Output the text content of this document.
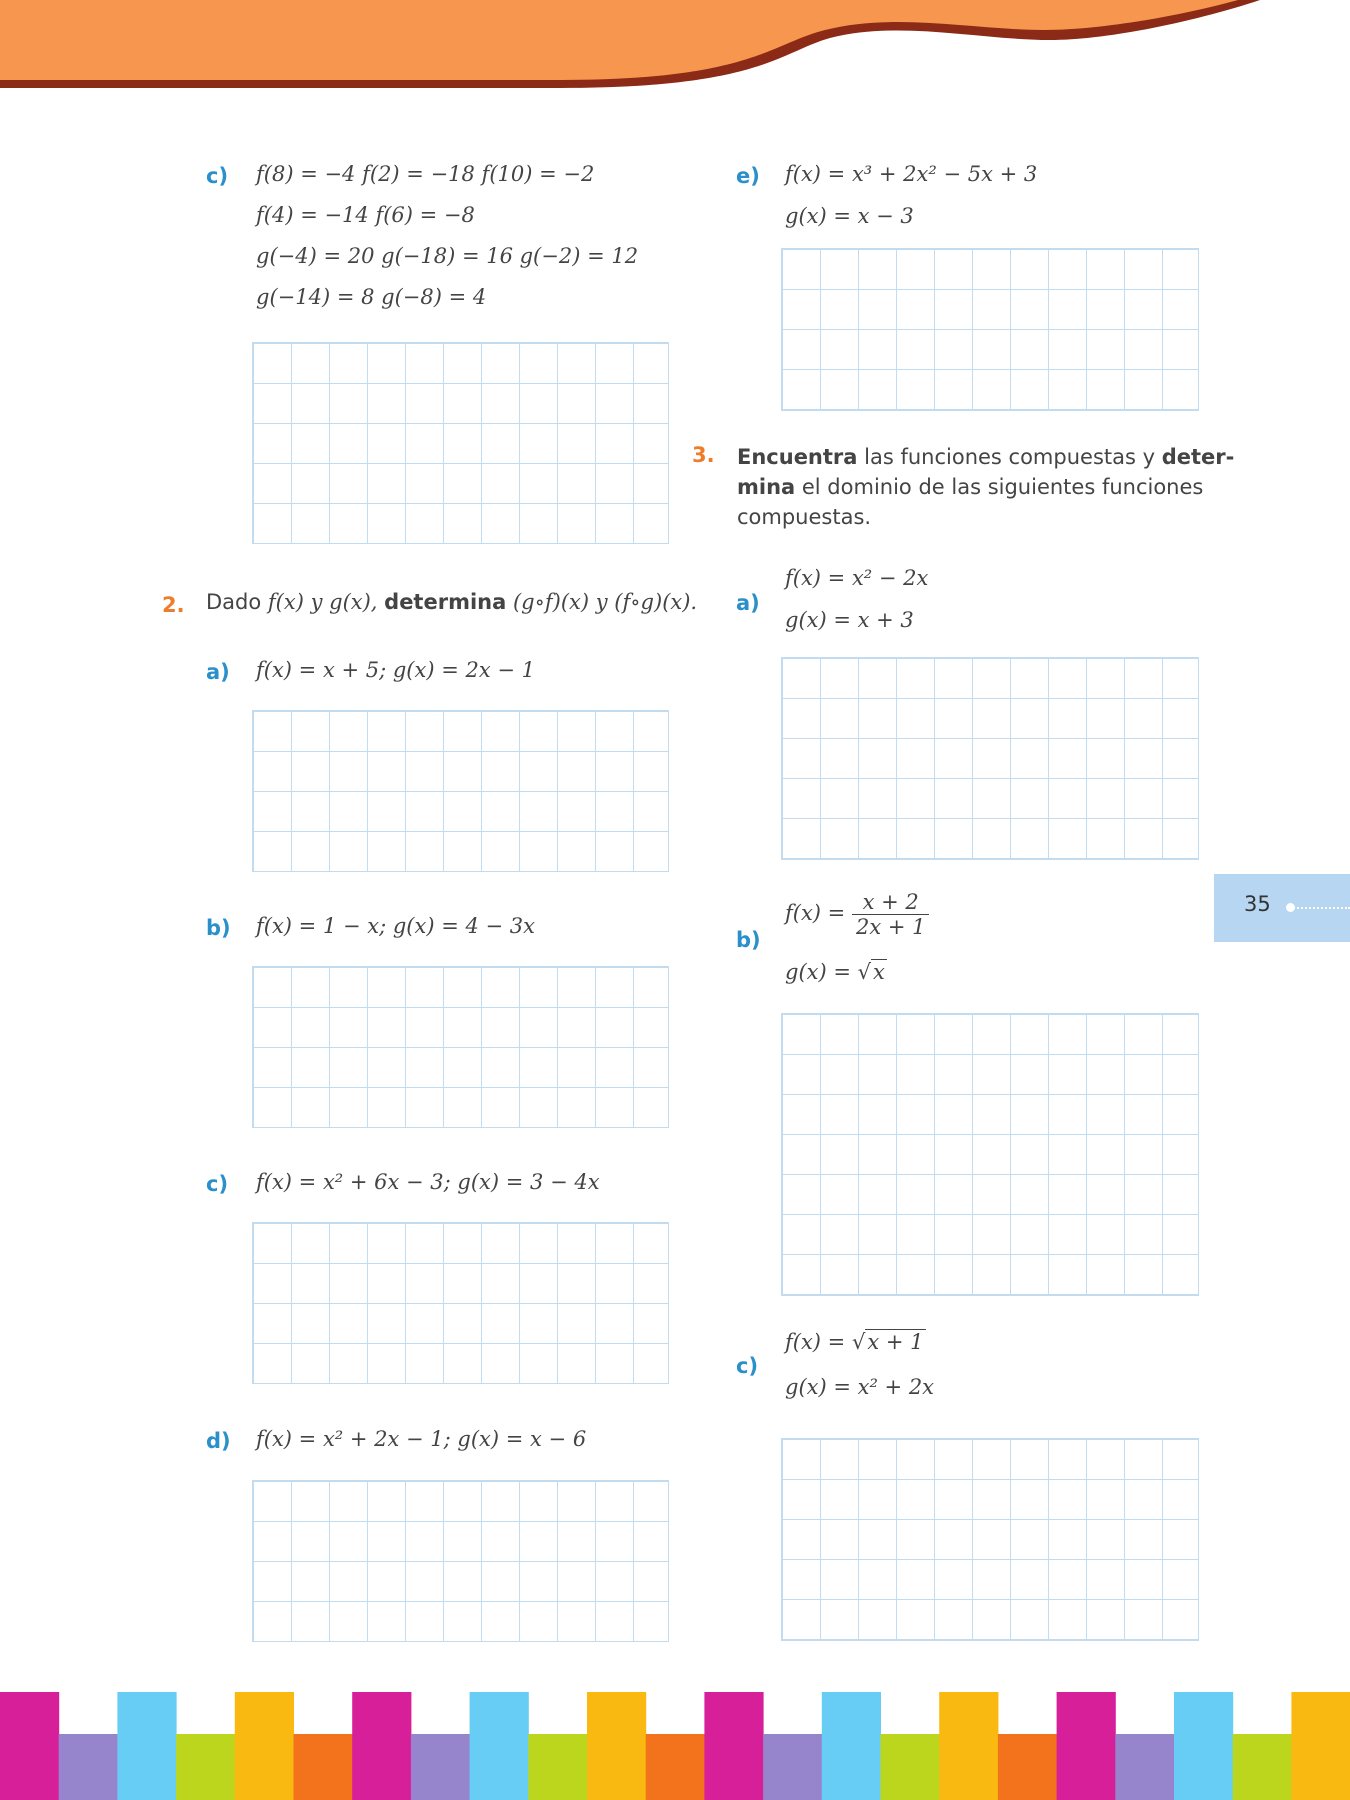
c) f(8) = −4 f(2) = −18 f(10) = −2
f(4) = −14 f(6) = −8
g(−4) = 20 g(−18) = 16 g(−2) = 12
g(−14) = 8 g(−8) = 4
2. Dado f(x) y g(x), determina (g∘f)(x) y (f∘g)(x).
a) f(x) = x + 5; g(x) = 2x − 1
b) f(x) = 1 − x; g(x) = 4 − 3x
c) f(x) = x² + 6x − 3; g(x) = 3 − 4x
d) f(x) = x² + 2x − 1; g(x) = x − 6
e) f(x) = x³ + 2x² − 5x + 3
g(x) = x − 3
3. Encuentra las funciones compuestas y deter-
mina el dominio de las siguientes funciones
compuestas.
a)
f(x) = x² − 2x
g(x) = x + 3
b)
$f(x) = \frac{x + 2}{2x + 1}$
g(x) = √x
c)
f(x) = √x + 1
g(x) = x² + 2x
35
